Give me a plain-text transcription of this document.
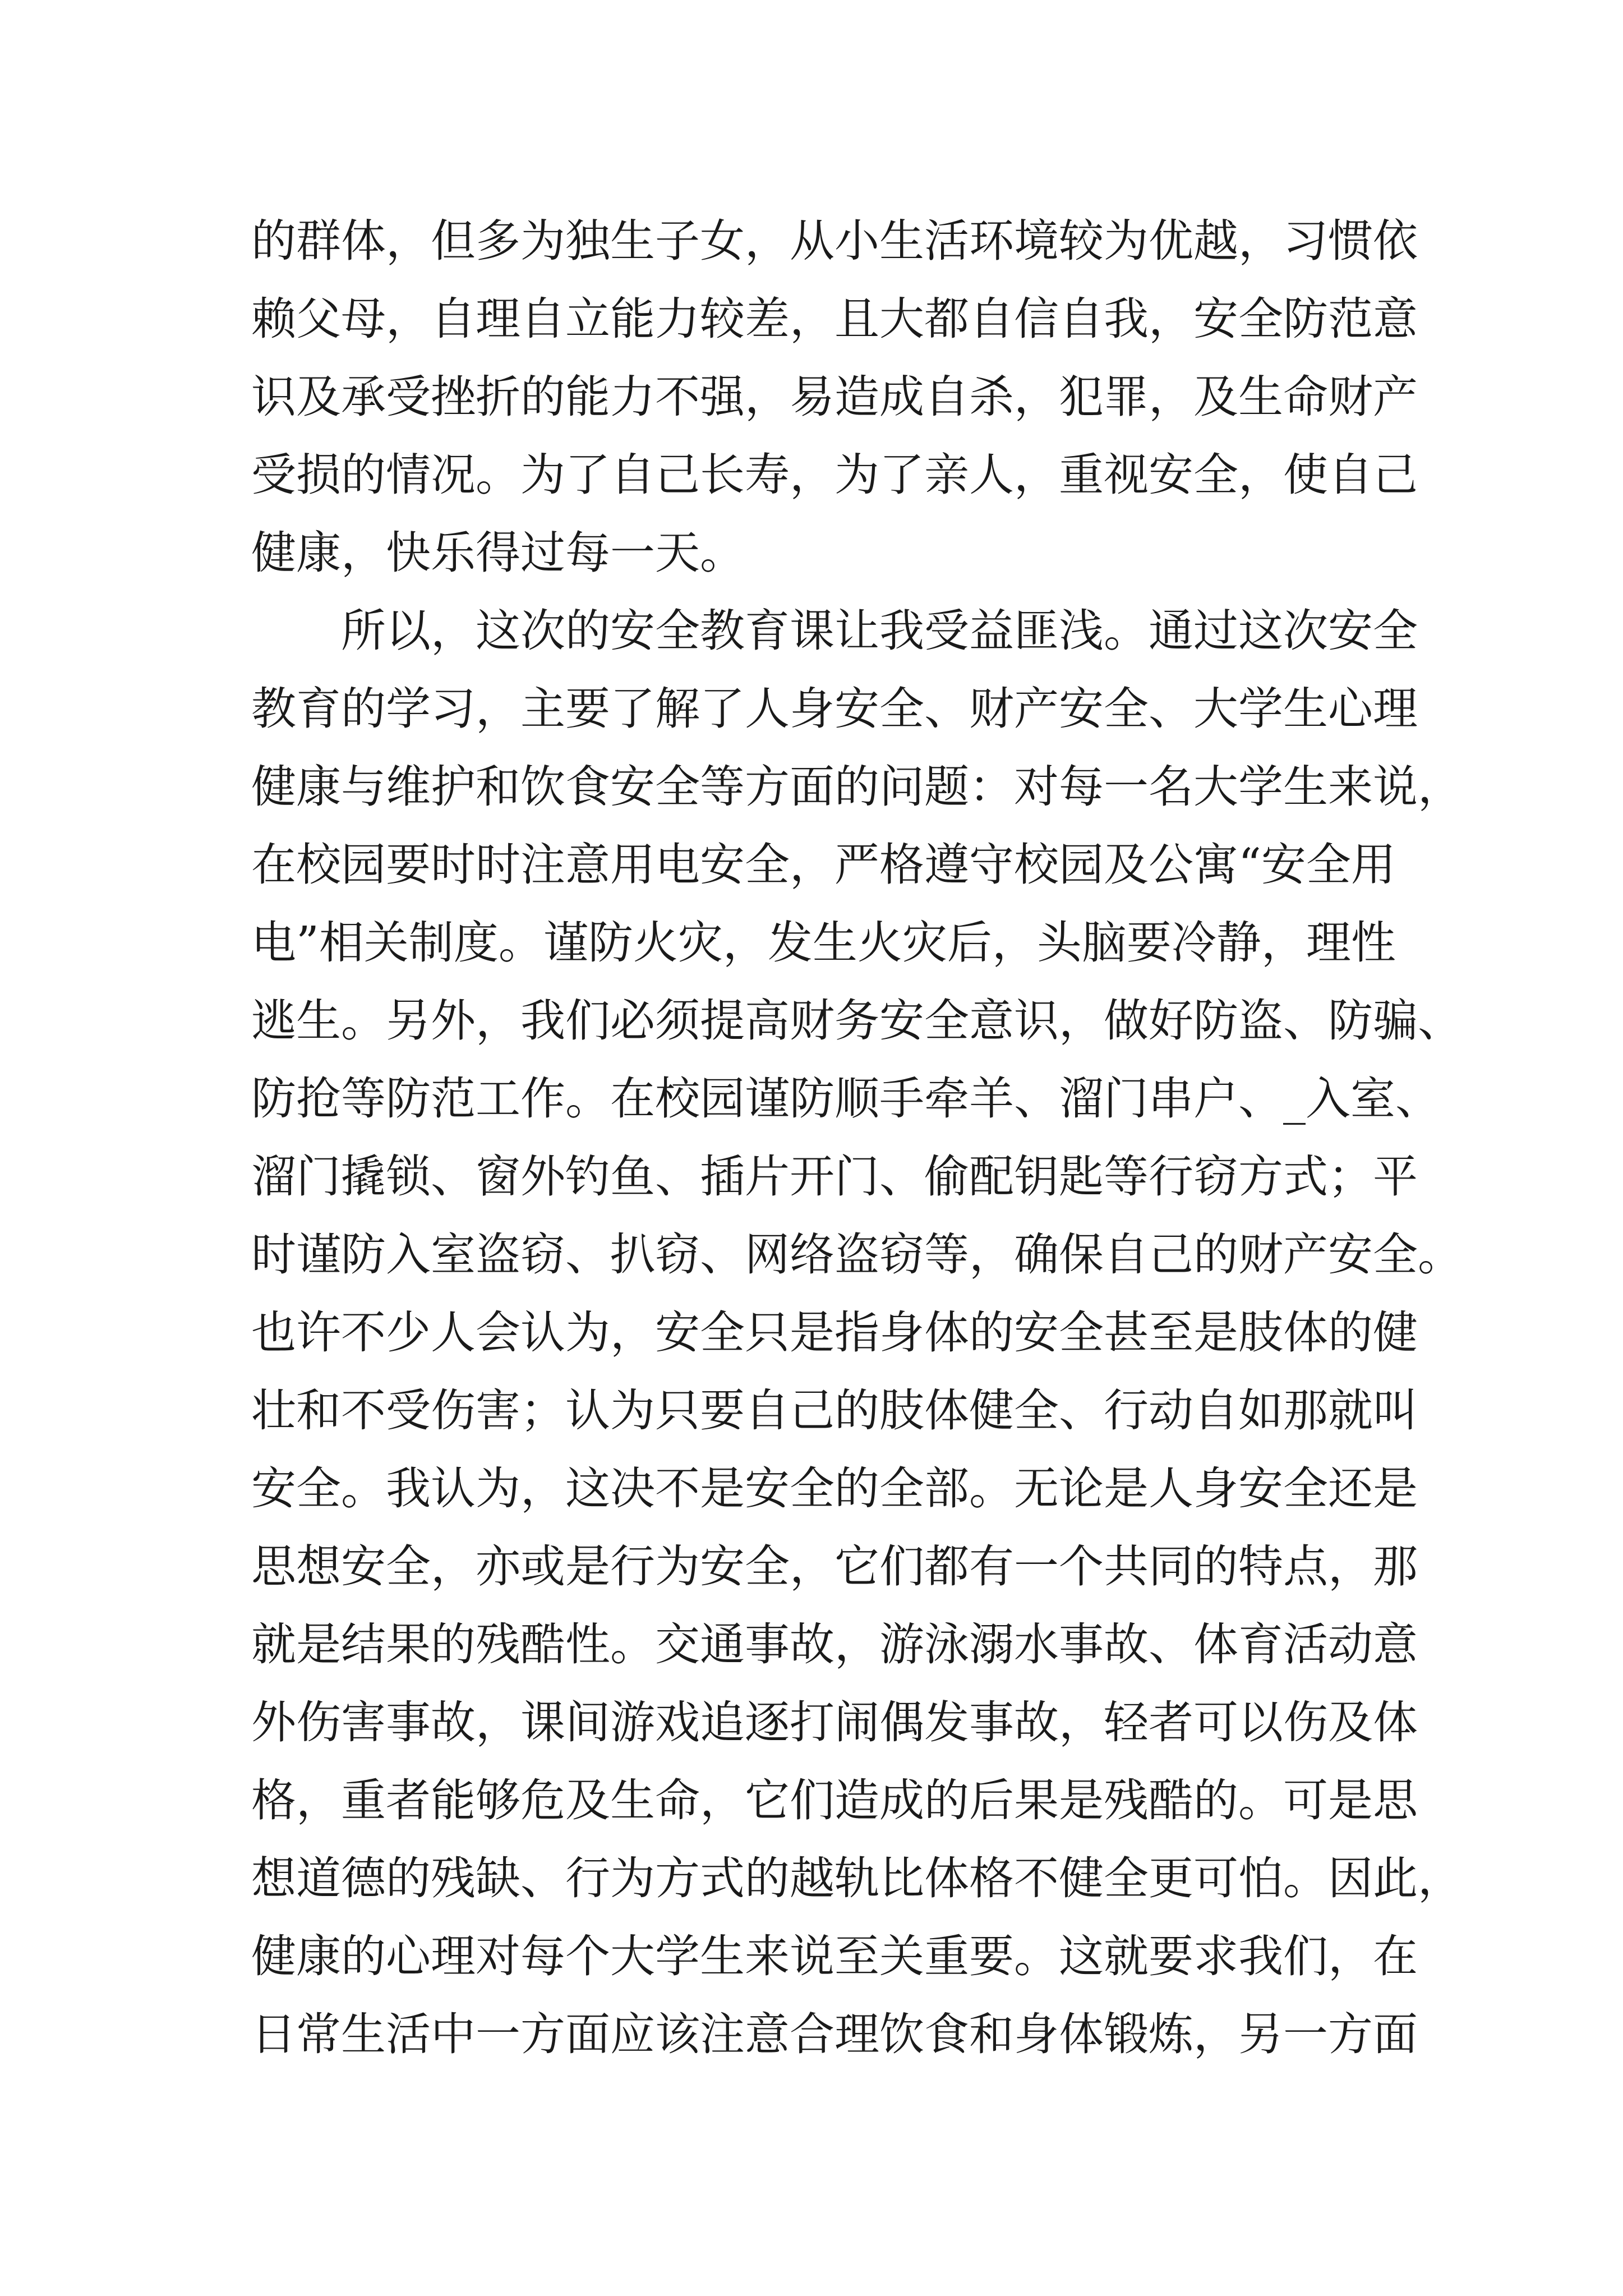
的群体，但多为独生子女，从小生活环境较为优越，习惯依
赖父母，自理自立能力较差，且大都自信自我，安全防范意
识及承受挫折的能力不强，易造成自杀，犯罪，及生命财产
受损的情况。为了自己长寿，为了亲人，重视安全，使自己
健康，快乐得过每一天。
所以，这次的安全教育课让我受益匪浅。通过这次安全
教育的学习，主要了解了人身安全、财产安全、大学生心理
健康与维护和饮食安全等方面的问题：对每一名大学生来说，
在校园要时时注意用电安全，严格遵守校园及公寓“安全用
电”相关制度。谨防火灾，发生火灾后，头脑要冷静，理性
逃生。另外，我们必须提高财务安全意识，做好防盗、防骗、
防抢等防范工作。在校园谨防顺手牵羊、溜门串户、_入室、
溜门撬锁、窗外钓鱼、插片开门、偷配钥匙等行窃方式；平
时谨防入室盗窃、扒窃、网络盗窃等，确保自己的财产安全。
也许不少人会认为，安全只是指身体的安全甚至是肢体的健
壮和不受伤害；认为只要自己的肢体健全、行动自如那就叫
安全。我认为，这决不是安全的全部。无论是人身安全还是
思想安全，亦或是行为安全，它们都有一个共同的特点，那
就是结果的残酷性。交通事故，游泳溺水事故、体育活动意
外伤害事故，课间游戏追逐打闹偶发事故，轻者可以伤及体
格，重者能够危及生命，它们造成的后果是残酷的。可是思
想道德的残缺、行为方式的越轨比体格不健全更可怕。因此，
健康的心理对每个大学生来说至关重要。这就要求我们，在
日常生活中一方面应该注意合理饮食和身体锻炼，另一方面
